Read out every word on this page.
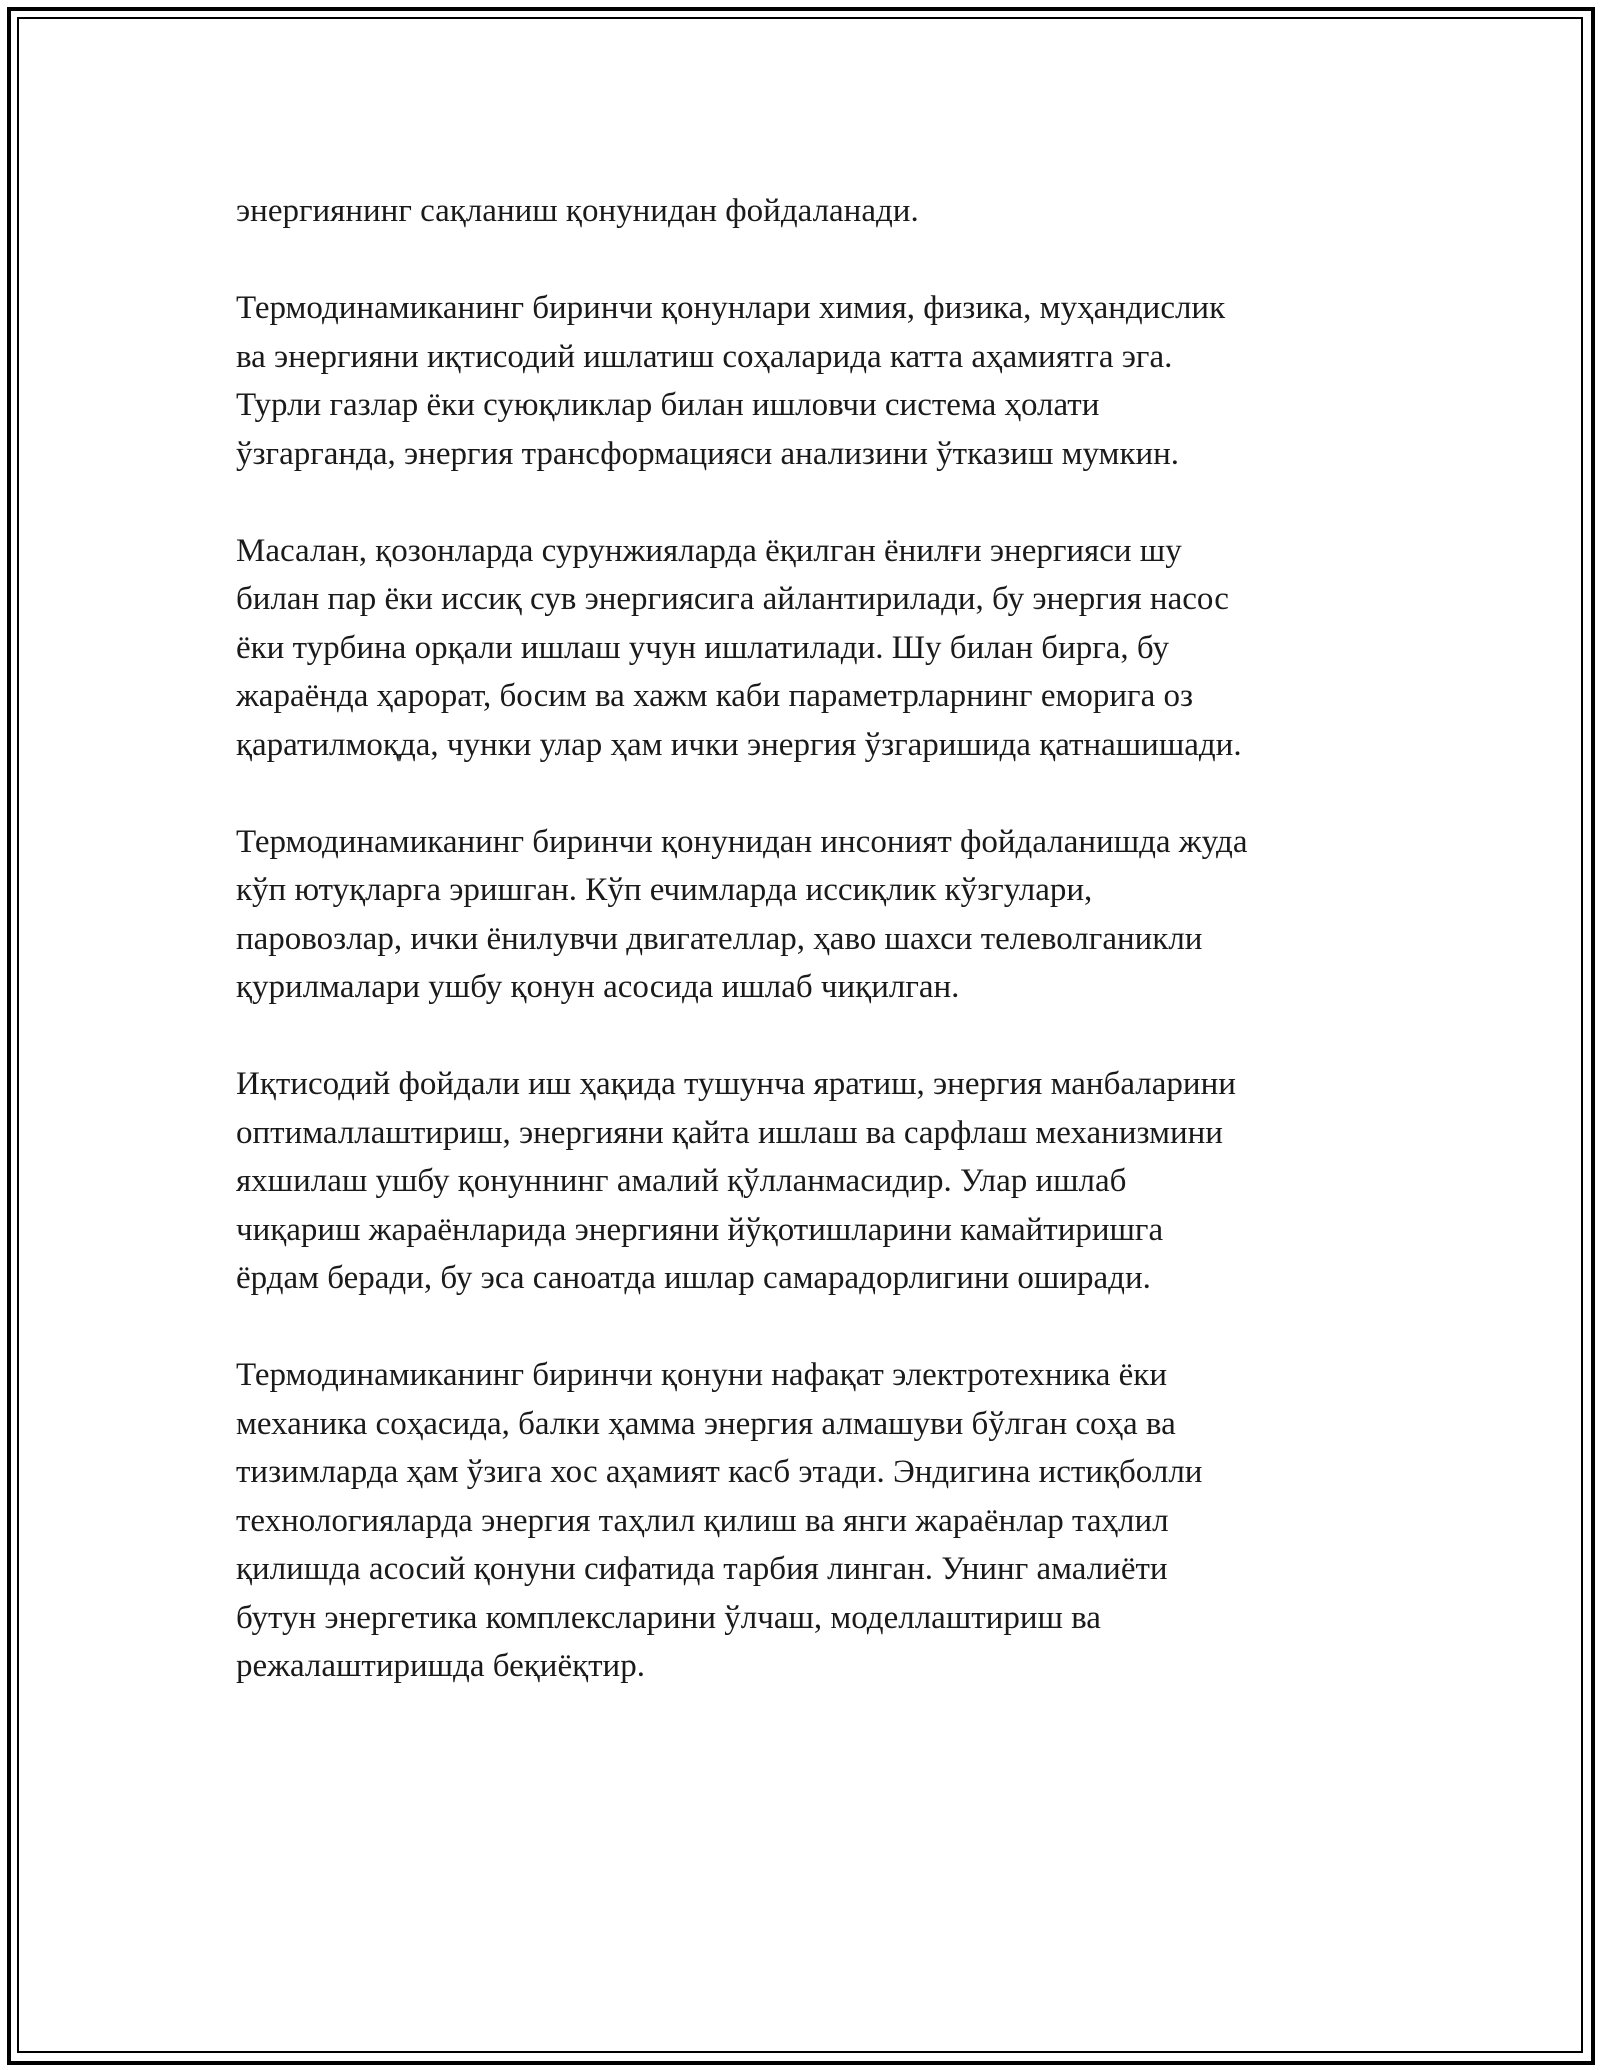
энергиянинг сақланиш қонунидан фойдаланади.

Термодинамиканинг биринчи қонунлари химия, физика, муҳандислик
ва энергияни иқтисодий ишлатиш соҳаларида катта аҳамиятга эга.
Турли газлар ёки суюқликлар билан ишловчи система ҳолати
ўзгарганда, энергия трансформацияси анализини ўтказиш мумкин.

Масалан, қозонларда сурунжияларда ёқилган ёнилғи энергияси шу
билан пар ёки иссиқ сув энергиясига айлантирилади, бу энергия насос
ёки турбина орқали ишлаш учун ишлатилади. Шу билан бирга, бу
жараёнда ҳарорат, босим ва хажм каби параметрларнинг еморига оз
қаратилмоқда, чунки улар ҳам ички энергия ўзгаришида қатнашишади.

Термодинамиканинг биринчи қонунидан инсоният фойдаланишда жуда
кўп ютуқларга эришган. Кўп ечимларда иссиқлик кўзгулари,
паровозлар, ички ёнилувчи двигателлар, ҳаво шахси телеволганикли
қурилмалари ушбу қонун асосида ишлаб чиқилган.

Иқтисодий фойдали иш ҳақида тушунча яратиш, энергия манбаларини
оптималлаштириш, энергияни қайта ишлаш ва сарфлаш механизмини
яхшилаш ушбу қонуннинг амалий қўлланмасидир. Улар ишлаб
чиқариш жараёнларида энергияни йўқотишларини камайтиришга
ёрдам беради, бу эса саноатда ишлар самарадорлигини оширади.

Термодинамиканинг биринчи қонуни нафақат электротехника ёки
механика соҳасида, балки ҳамма энергия алмашуви бўлган соҳа ва
тизимларда ҳам ўзига хос аҳамият касб этади. Эндигина истиқболли
технологияларда энергия таҳлил қилиш ва янги жараёнлар таҳлил
қилишда асосий қонуни сифатида тарбия линган. Унинг амалиёти
бутун энергетика комплексларини ўлчаш, моделлаштириш ва
режалаштиришда беқиёқтир.
